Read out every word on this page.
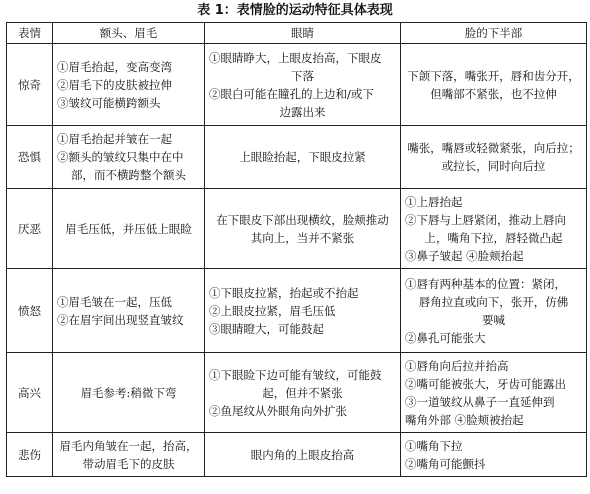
表 1：表情脸的运动特征具体表现
表情	额头、眉毛	眼睛	脸的下半部
惊奇	①眉毛抬起，变高变湾
②眉毛下的皮肤被拉伸
③皱纹可能横跨额头	①眼睛睁大，上眼皮抬高，下眼皮
下落
②眼白可能在瞳孔的上边和/或下
边露出来	下颌下落，嘴张开，唇和齿分开，
但嘴部不紧张，也不拉伸

恐惧	①眉毛抬起并皱在一起
②额头的皱纹只集中在中
部，而不横跨整个额头	上眼睑抬起，下眼皮拉紧	嘴张，嘴唇或轻微紧张，向后拉；
或拉长，同时向后拉

厌恶	眉毛压低，并压低上眼睑	在下眼皮下部出现横纹，脸颊推动
其向上，当并不紧张	①上唇抬起
②下唇与上唇紧闭，推动上唇向
上，嘴角下拉，唇轻微凸起
③鼻子皱起 ④脸颊抬起

愤怒	①眉毛皱在一起，压低
②在眉宇间出现竖直皱纹	①下眼皮拉紧，抬起或不抬起
②上眼皮拉紧，眉毛压低
③眼睛瞪大，可能鼓起	①唇有两种基本的位置：紧闭，
唇角拉直或向下，张开，仿佛
要喊
②鼻孔可能张大

高兴	眉毛参考:稍微下弯	①下眼睑下边可能有皱纹，可能鼓
起，但并不紧张
②鱼尾纹从外眼角向外扩张	①唇角向后拉并抬高
②嘴可能被张大，牙齿可能露出
③一道皱纹从鼻子一直延伸到
嘴角外部 ④脸颊被抬起

悲伤	眉毛内角皱在一起，抬高，
带动眉毛下的皮肤	眼内角的上眼皮抬高	①嘴角下拉
②嘴角可能颤抖
